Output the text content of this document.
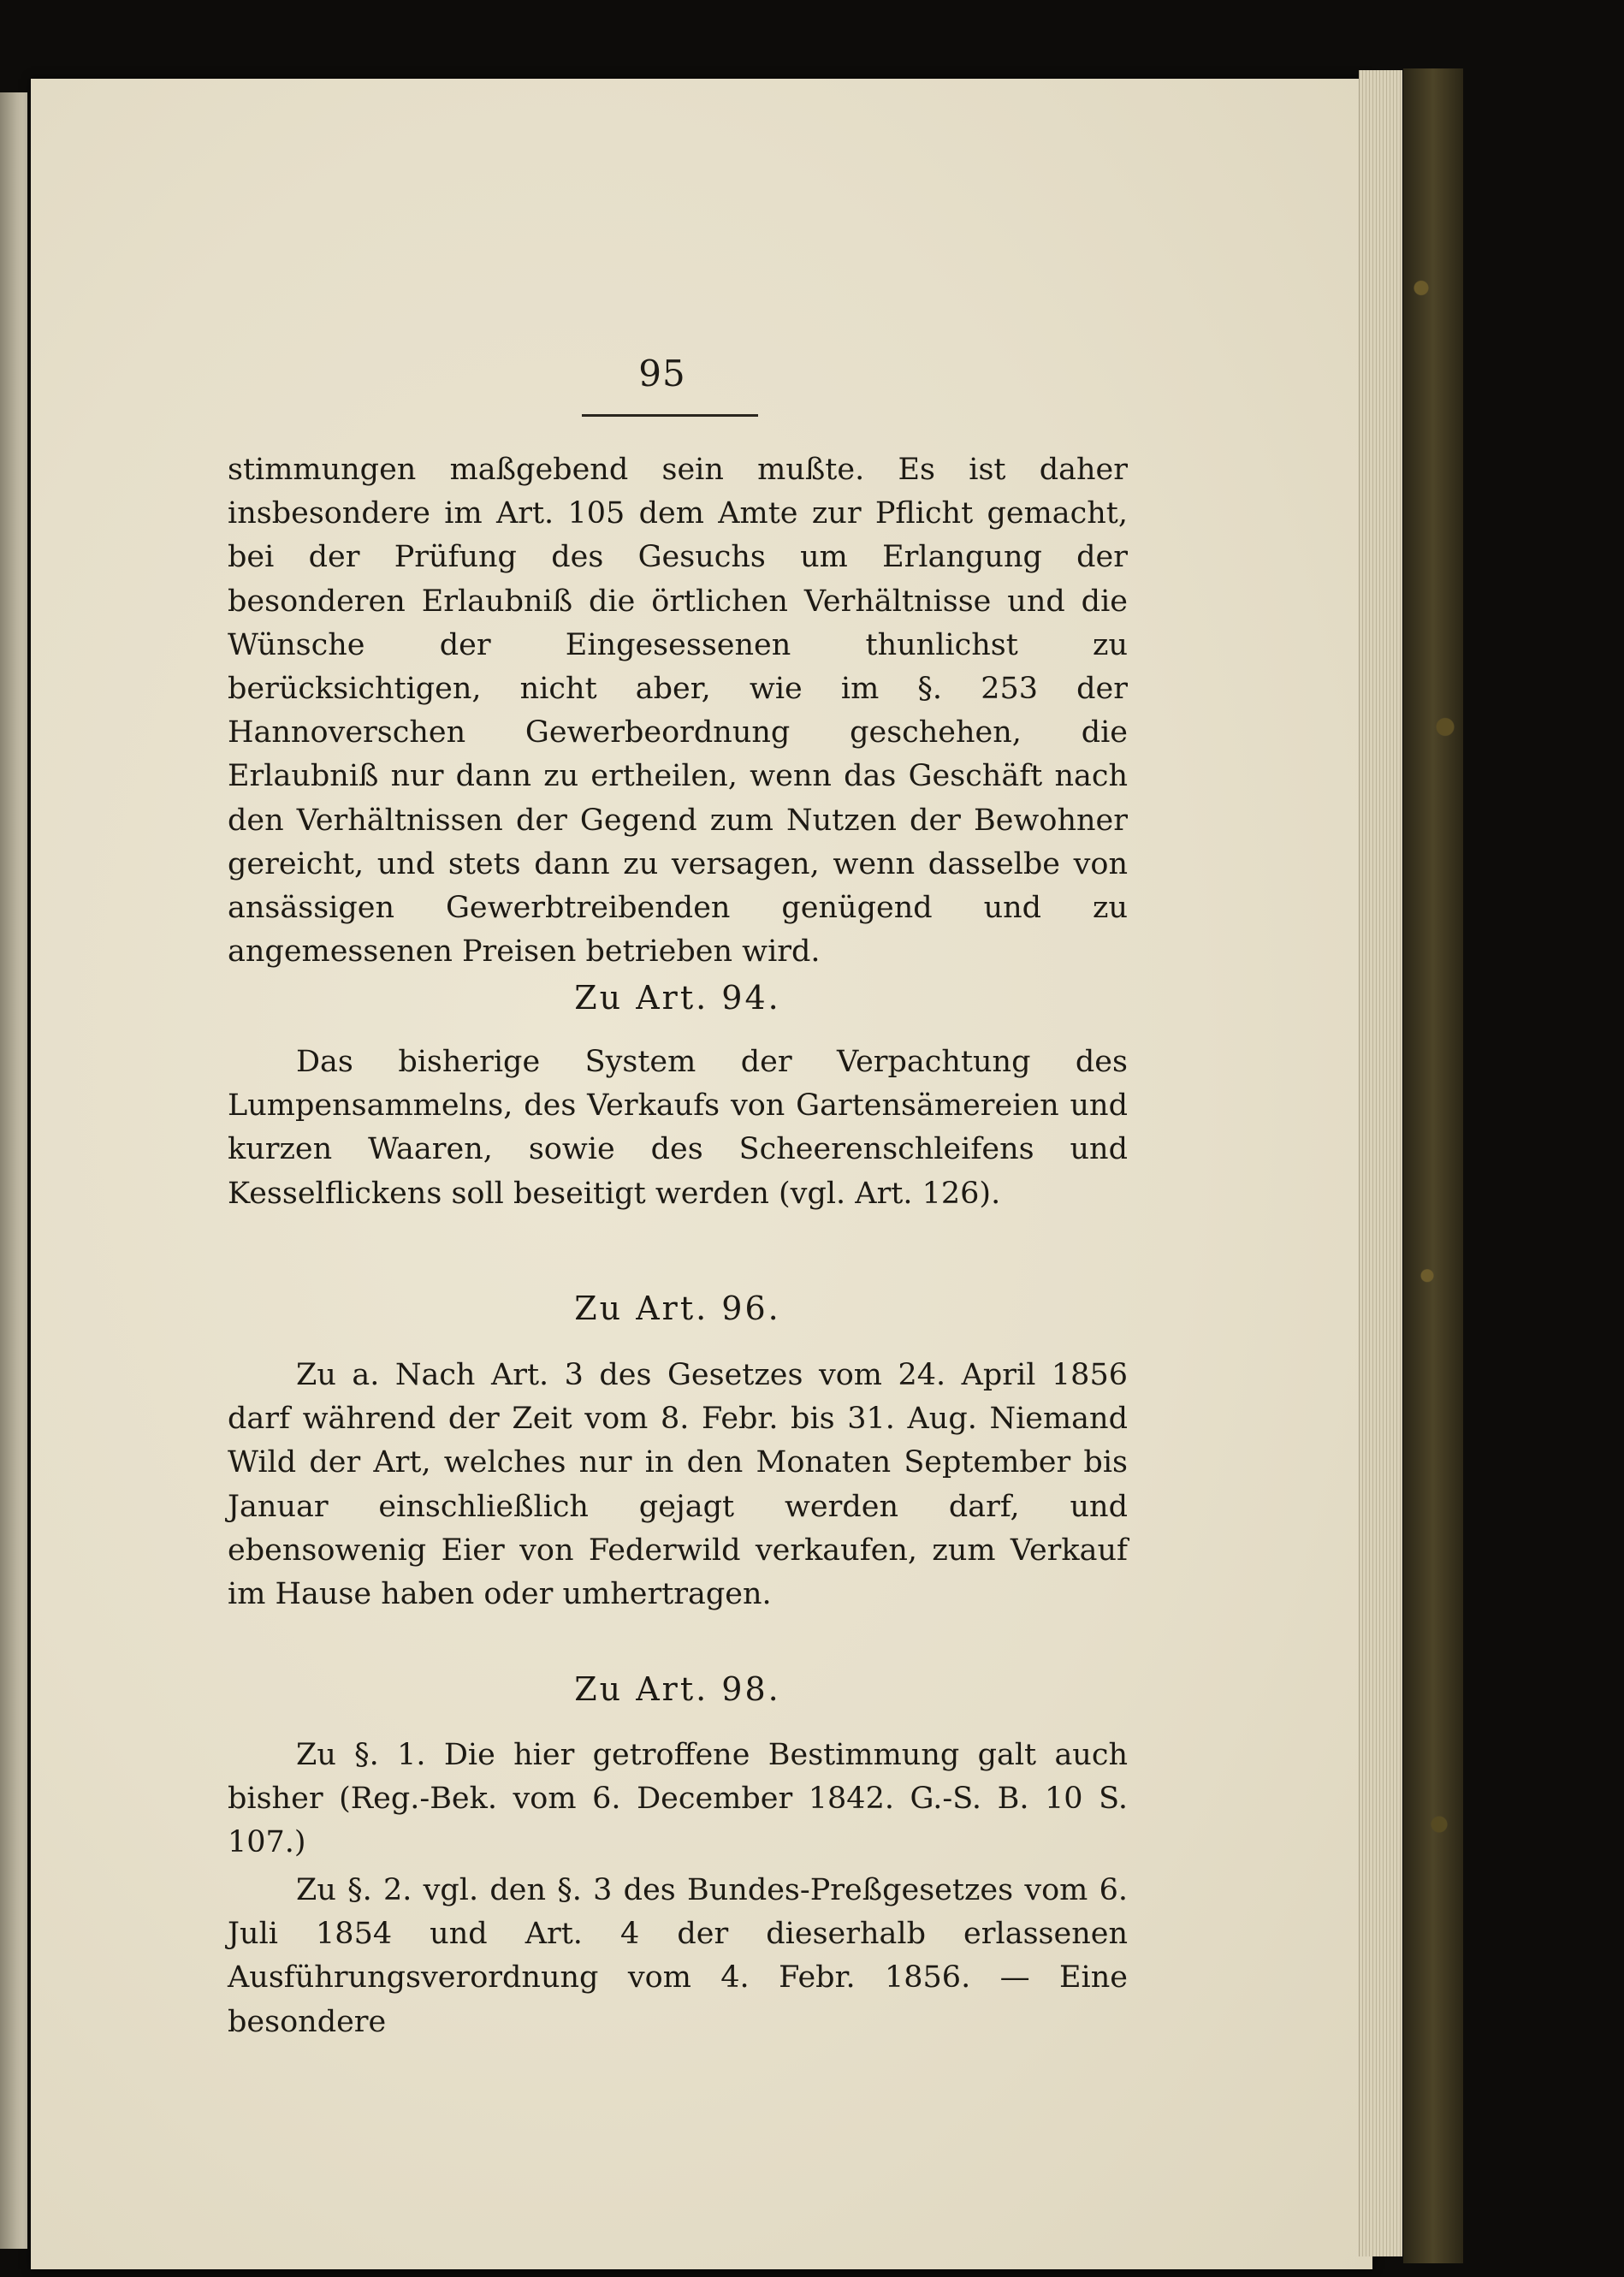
95
stimmungen maßgebend sein mußte. Es ist daher insbesondere im Art. 105 dem Amte zur Pflicht gemacht, bei der Prüfung des Gesuchs um Erlangung der besonderen Erlaubniß die örtlichen Verhältnisse und die Wünsche der Eingesessenen thunlichst zu berücksichtigen, nicht aber, wie im §. 253 der Hannoverschen Gewerbeordnung geschehen, die Erlaubniß nur dann zu ertheilen, wenn das Geschäft nach den Verhältnissen der Gegend zum Nutzen der Bewohner gereicht, und stets dann zu versagen, wenn dasselbe von ansässigen Gewerbtreibenden genügend und zu angemessenen Preisen betrieben wird.
Zu Art. 94.
Das bisherige System der Verpachtung des Lumpensammelns, des Verkaufs von Gartensämereien und kurzen Waaren, sowie des Scheerenschleifens und Kesselflickens soll beseitigt werden (vgl. Art. 126).
Zu Art. 96.
Zu a. Nach Art. 3 des Gesetzes vom 24. April 1856 darf während der Zeit vom 8. Febr. bis 31. Aug. Niemand Wild der Art, welches nur in den Monaten September bis Januar einschließlich gejagt werden darf, und ebensowenig Eier von Federwild verkaufen, zum Verkauf im Hause haben oder umhertragen.
Zu Art. 98.
Zu §. 1. Die hier getroffene Bestimmung galt auch bisher (Reg.-Bek. vom 6. December 1842. G.-S. B. 10 S. 107.)
Zu §. 2. vgl. den §. 3 des Bundes-Preßgesetzes vom 6. Juli 1854 und Art. 4 der dieserhalb erlassenen Ausführungsverordnung vom 4. Febr. 1856. — Eine besondere
